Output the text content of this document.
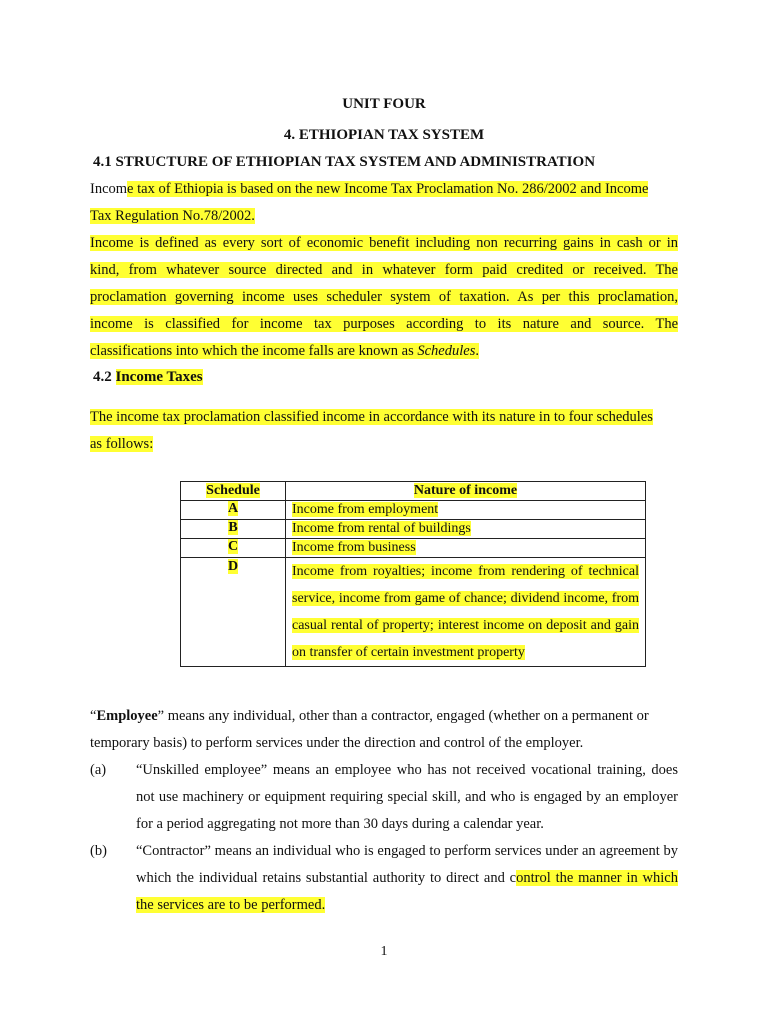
UNIT FOUR
4. ETHIOPIAN TAX SYSTEM
4.1 STRUCTURE OF ETHIOPIAN TAX SYSTEM AND ADMINISTRATION
Income tax of Ethiopia is based on the new Income Tax Proclamation No. 286/2002 and Income
Tax Regulation No.78/2002.
Income is defined as every sort of economic benefit including non recurring gains in cash or in
kind, from whatever source directed and in whatever form paid credited or received. The
proclamation governing income uses scheduler system of taxation. As per this proclamation,
income is classified for income tax purposes according to its nature and source. The
classifications into which the income falls are known as Schedules.
4.2 Income Taxes
The income tax proclamation classified income in accordance with its nature in to four schedules
as follows:
Schedule	Nature of income
A	Income from employment
B	Income from rental of buildings
C	Income from business
D	Income from royalties; income from rendering of technical service, income from game of chance; dividend income, from casual rental of property; interest income on deposit and gain on transfer of certain investment property
“Employee” means any individual, other than a contractor, engaged (whether on a permanent or
temporary basis) to perform services under the direction and control of the employer.
(a) “Unskilled employee” means an employee who has not received vocational training, does not use machinery or equipment requiring special skill, and who is engaged by an employer for a period aggregating not more than 30 days during a calendar year.
(b) “Contractor” means an individual who is engaged to perform services under an agreement by which the individual retains substantial authority to direct and control the manner in which the services are to be performed.
1
